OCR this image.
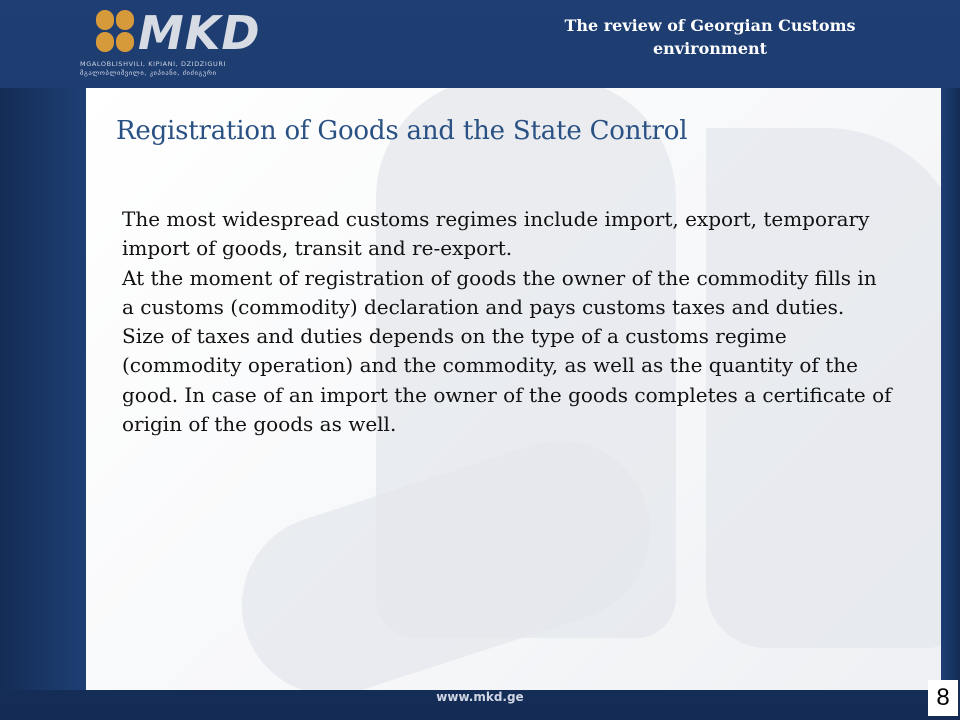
MKD
MGALOBLISHVILI, KIPIANI, DZIDZIGURI
მგალობლიშვილი, კიპიანი, ძიძიგური
The review of Georgian Customs environment
Registration of Goods and the State Control

The most widespread customs regimes include import, export, temporary import of goods, transit and re-export.

At the moment of registration of goods the owner of the commodity fills in a customs (commodity) declaration and pays customs taxes and duties. Size of taxes and duties depends on the type of a customs regime (commodity operation) and the commodity, as well as the quantity of the good. In case of an import the owner of the goods completes a certificate of origin of the goods as well.

www.mkd.ge	8
